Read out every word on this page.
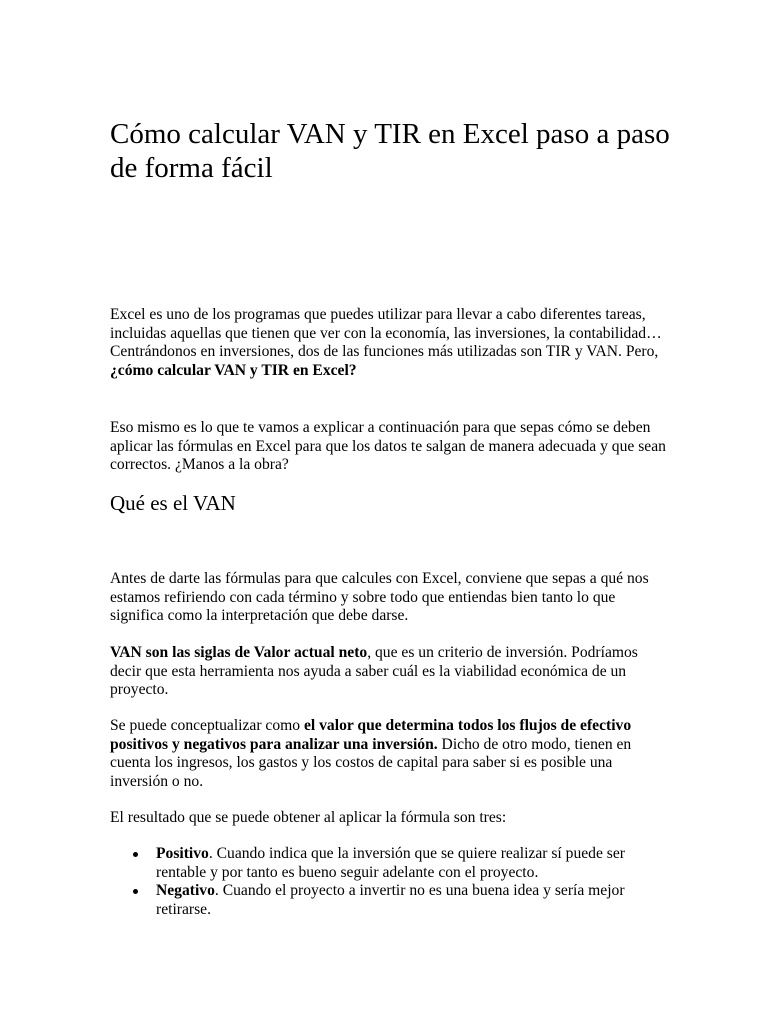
Cómo calcular VAN y TIR en Excel paso a paso de forma fácil

Excel es uno de los programas que puedes utilizar para llevar a cabo diferentes tareas, incluidas aquellas que tienen que ver con la economía, las inversiones, la contabilidad… Centrándonos en inversiones, dos de las funciones más utilizadas son TIR y VAN. Pero, ¿cómo calcular VAN y TIR en Excel?

Eso mismo es lo que te vamos a explicar a continuación para que sepas cómo se deben aplicar las fórmulas en Excel para que los datos te salgan de manera adecuada y que sean correctos. ¿Manos a la obra?

Qué es el VAN

Antes de darte las fórmulas para que calcules con Excel, conviene que sepas a qué nos estamos refiriendo con cada término y sobre todo que entiendas bien tanto lo que significa como la interpretación que debe darse.

VAN son las siglas de Valor actual neto, que es un criterio de inversión. Podríamos decir que esta herramienta nos ayuda a saber cuál es la viabilidad económica de un proyecto.

Se puede conceptualizar como el valor que determina todos los flujos de efectivo positivos y negativos para analizar una inversión. Dicho de otro modo, tienen en cuenta los ingresos, los gastos y los costos de capital para saber si es posible una inversión o no.

El resultado que se puede obtener al aplicar la fórmula son tres:

Positivo. Cuando indica que la inversión que se quiere realizar sí puede ser rentable y por tanto es bueno seguir adelante con el proyecto.
Negativo. Cuando el proyecto a invertir no es una buena idea y sería mejor retirarse.
